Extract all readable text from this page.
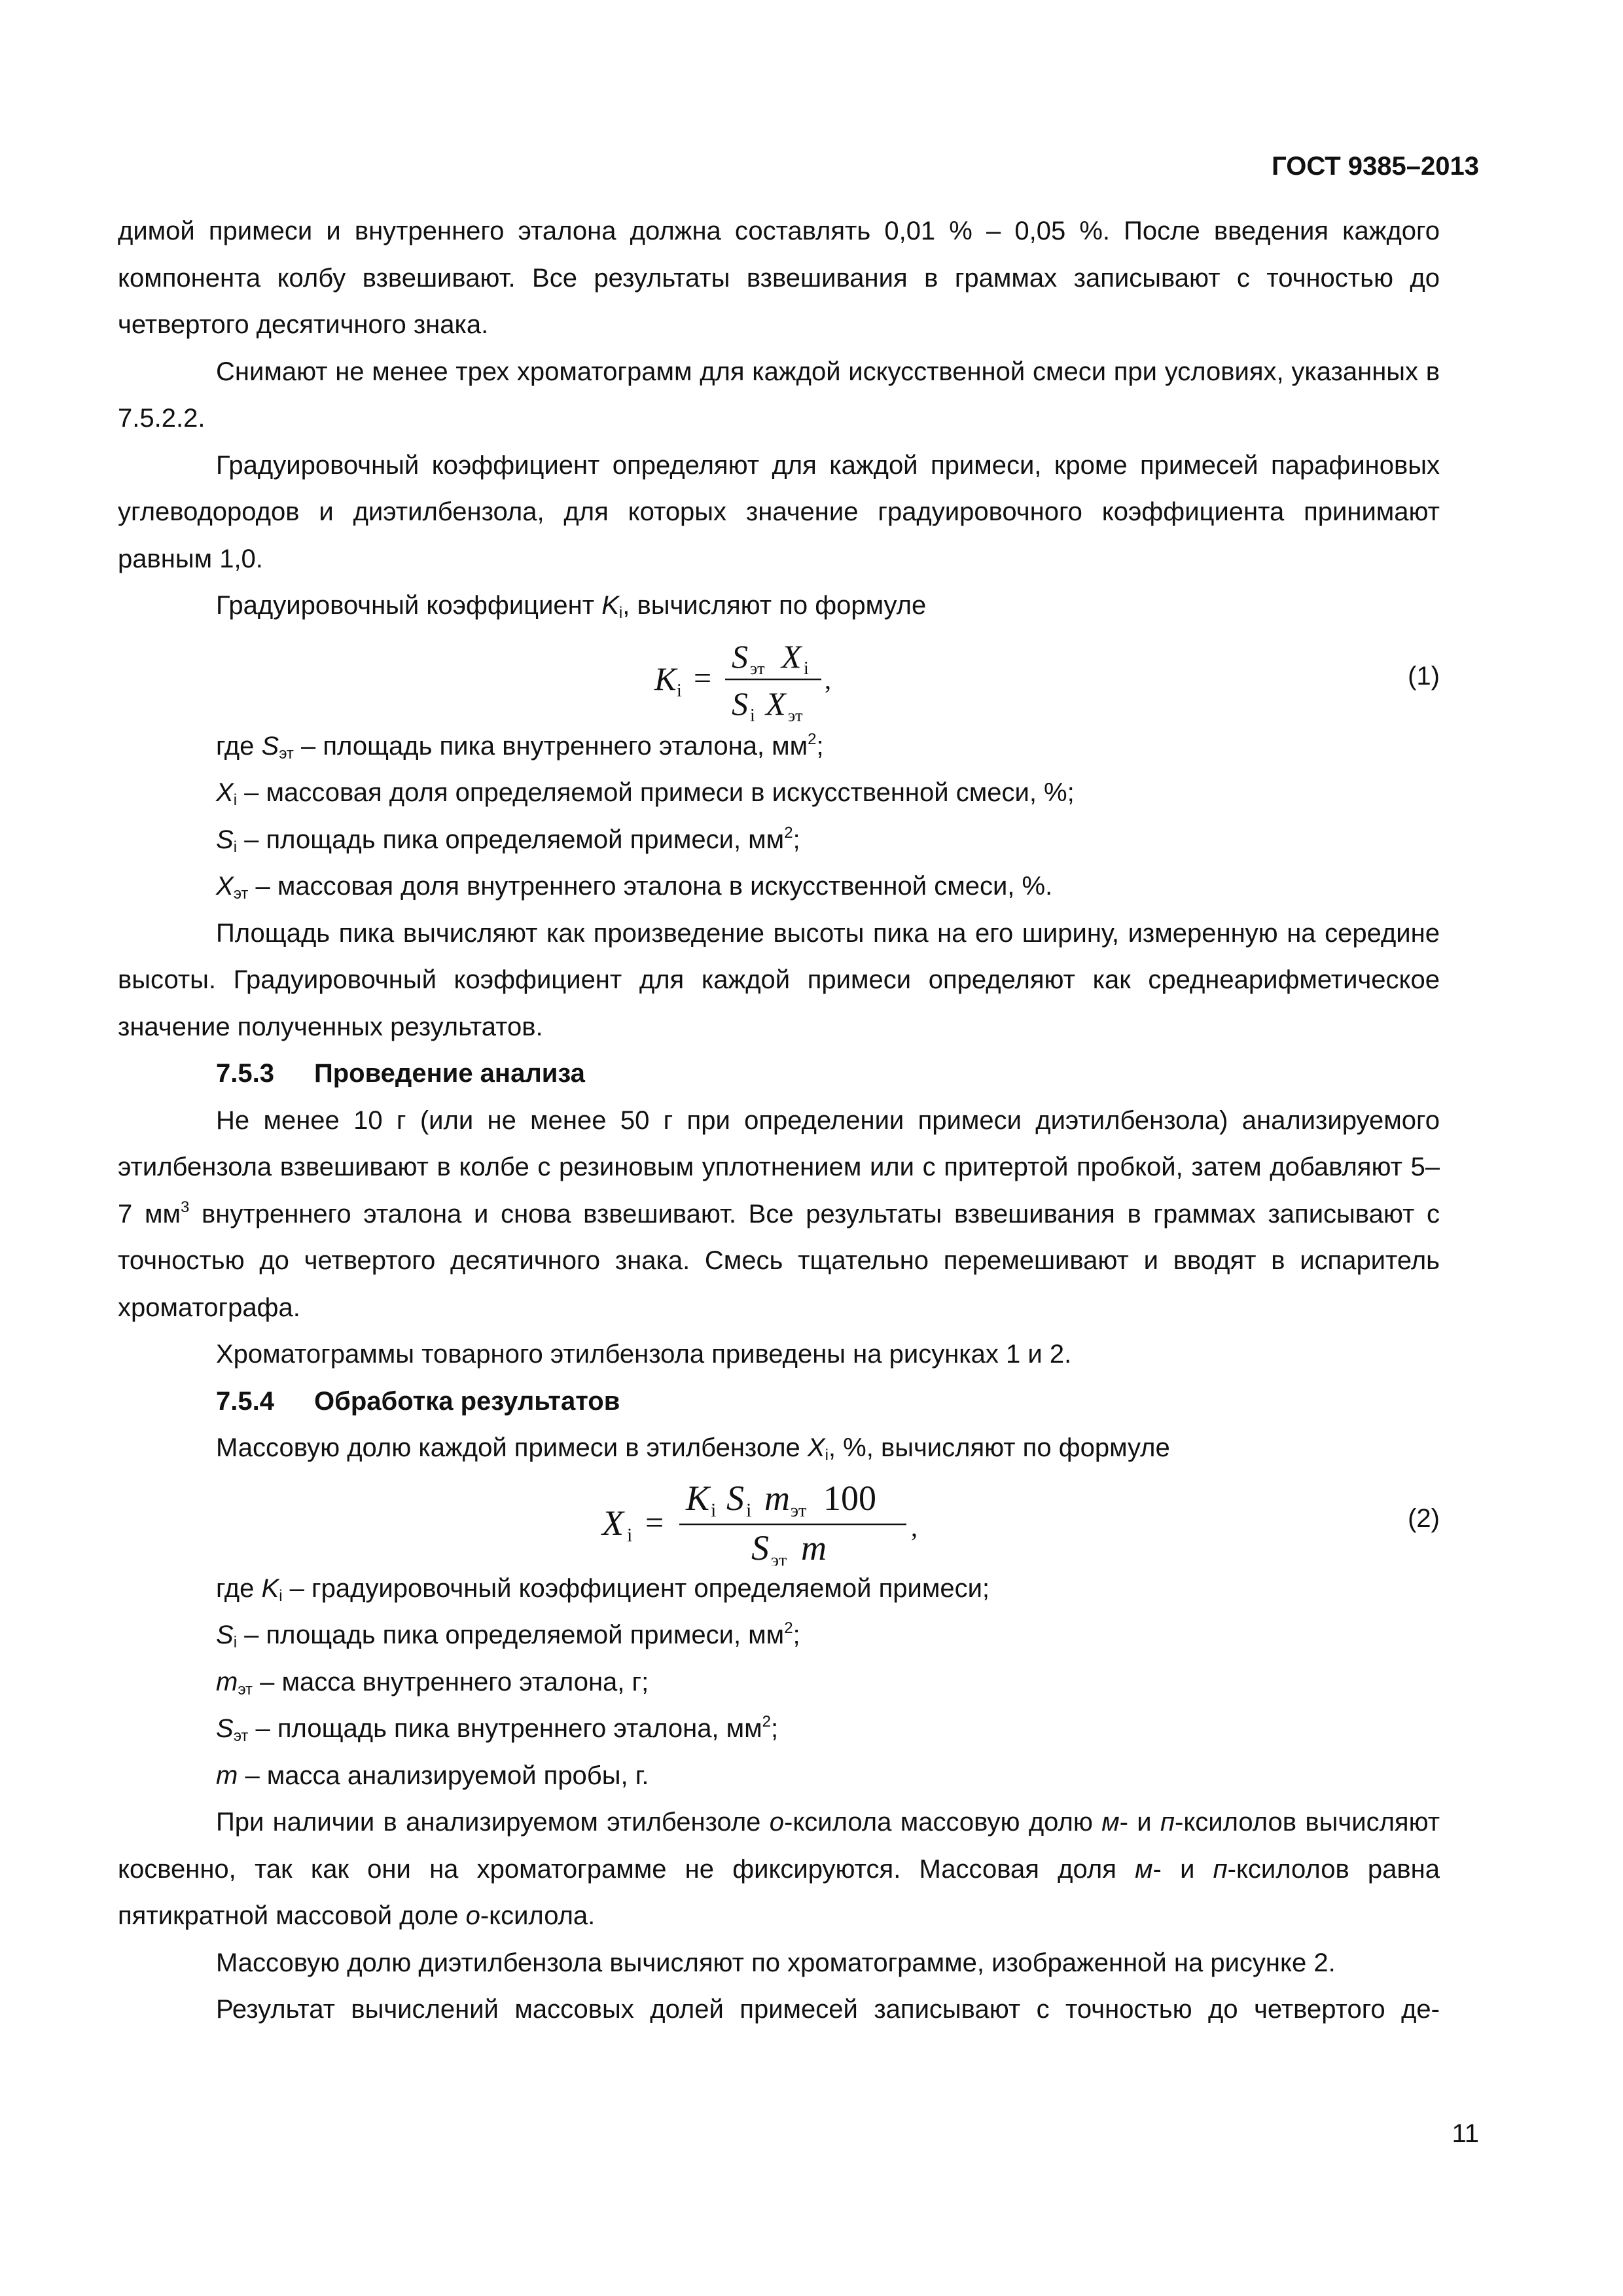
ГОСТ 9385–2013

димой примеси и внутреннего эталона должна составлять 0,01 % – 0,05 %. После введения каждого компонента колбу взвешивают. Все результаты взвешивания в граммах записывают с точностью до четвертого десятичного знака.

Снимают не менее трех хроматограмм для каждой искусственной смеси при условиях, указанных в 7.5.2.2.

Градуировочный коэффициент определяют для каждой примеси, кроме примесей парафиновых углеводородов и диэтилбензола, для которых значение градуировочного коэффициента принимают равным 1,0.

Градуировочный коэффициент $K_i$, вычисляют по формуле

K i =
S эт X i
S i X эт
,	(1)

где $S_{эт}$ – площадь пика внутреннего эталона, $мм^2$;

$X_i$ – массовая доля определяемой примеси в искусственной смеси, %;

$S_i$ – площадь пика определяемой примеси, $мм^2$;

$X_{эт}$ – массовая доля внутреннего эталона в искусственной смеси, %.

Площадь пика вычисляют как произведение высоты пика на его ширину, измеренную на середине высоты. Градуировочный коэффициент для каждой примеси определяют как среднеарифметическое значение полученных результатов.

7.5.3 Проведение анализа

Не менее 10 г (или не менее 50 г при определении примеси диэтилбензола) анализируемого этилбензола взвешивают в колбе с резиновым уплотнением или с притертой пробкой, затем добавляют 5–7 $мм^3$ внутреннего эталона и снова взвешивают. Все результаты взвешивания в граммах записывают с точностью до четвертого десятичного знака. Смесь тщательно перемешивают и вводят в испаритель хроматографа.

Хроматограммы товарного этилбензола приведены на рисунках 1 и 2.

7.5.4 Обработка результатов

Массовую долю каждой примеси в этилбензоле $X_i$, %, вычисляют по формуле

X i =
K i S i m эт 100
S эт m
,	(2)

где $K_i$ – градуировочный коэффициент определяемой примеси;

$S_i$ – площадь пика определяемой примеси, $мм^2$;

$m_{эт}$ – масса внутреннего эталона, г;

$S_{эт}$ – площадь пика внутреннего эталона, $мм^2$;

m – масса анализируемой пробы, г.

При наличии в анализируемом этилбензоле о-ксилола массовую долю м- и п-ксилолов вычисляют косвенно, так как они на хроматограмме не фиксируются. Массовая доля м- и п-ксилолов равна пятикратной массовой доле о-ксилола.

Массовую долю диэтилбензола вычисляют по хроматограмме, изображенной на рисунке 2.

Результат вычислений массовых долей примесей записывают с точностью до четвертого де-

11
